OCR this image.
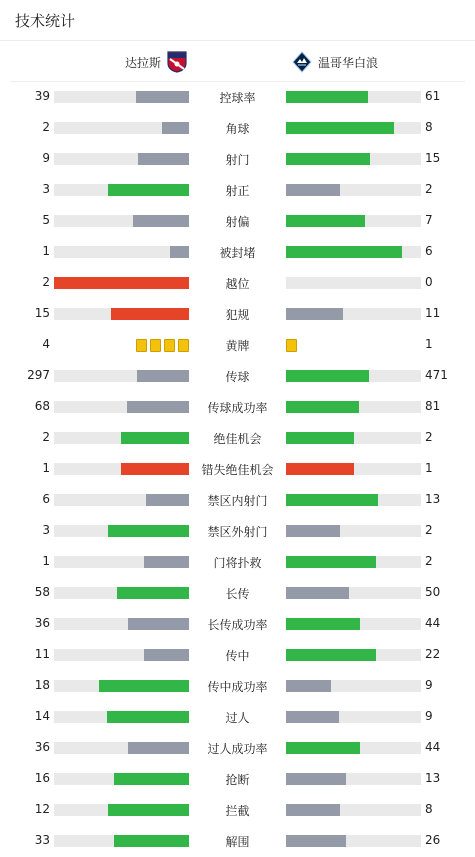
技术统计
达拉斯	温哥华白浪
39	控球率	61
2	角球	8
9	射门	15
3	射正	2
5	射偏	7
1	被封堵	6
2	越位	0
15	犯规	11
4	黄牌	1
297	传球	471
68	传球成功率	81
2	绝佳机会	2
1	错失绝佳机会	1
6	禁区内射门	13
3	禁区外射门	2
1	门将扑救	2
58	长传	50
36	长传成功率	44
11	传中	22
18	传中成功率	9
14	过人	9
36	过人成功率	44
16	抢断	13
12	拦截	8
33	解围	26
